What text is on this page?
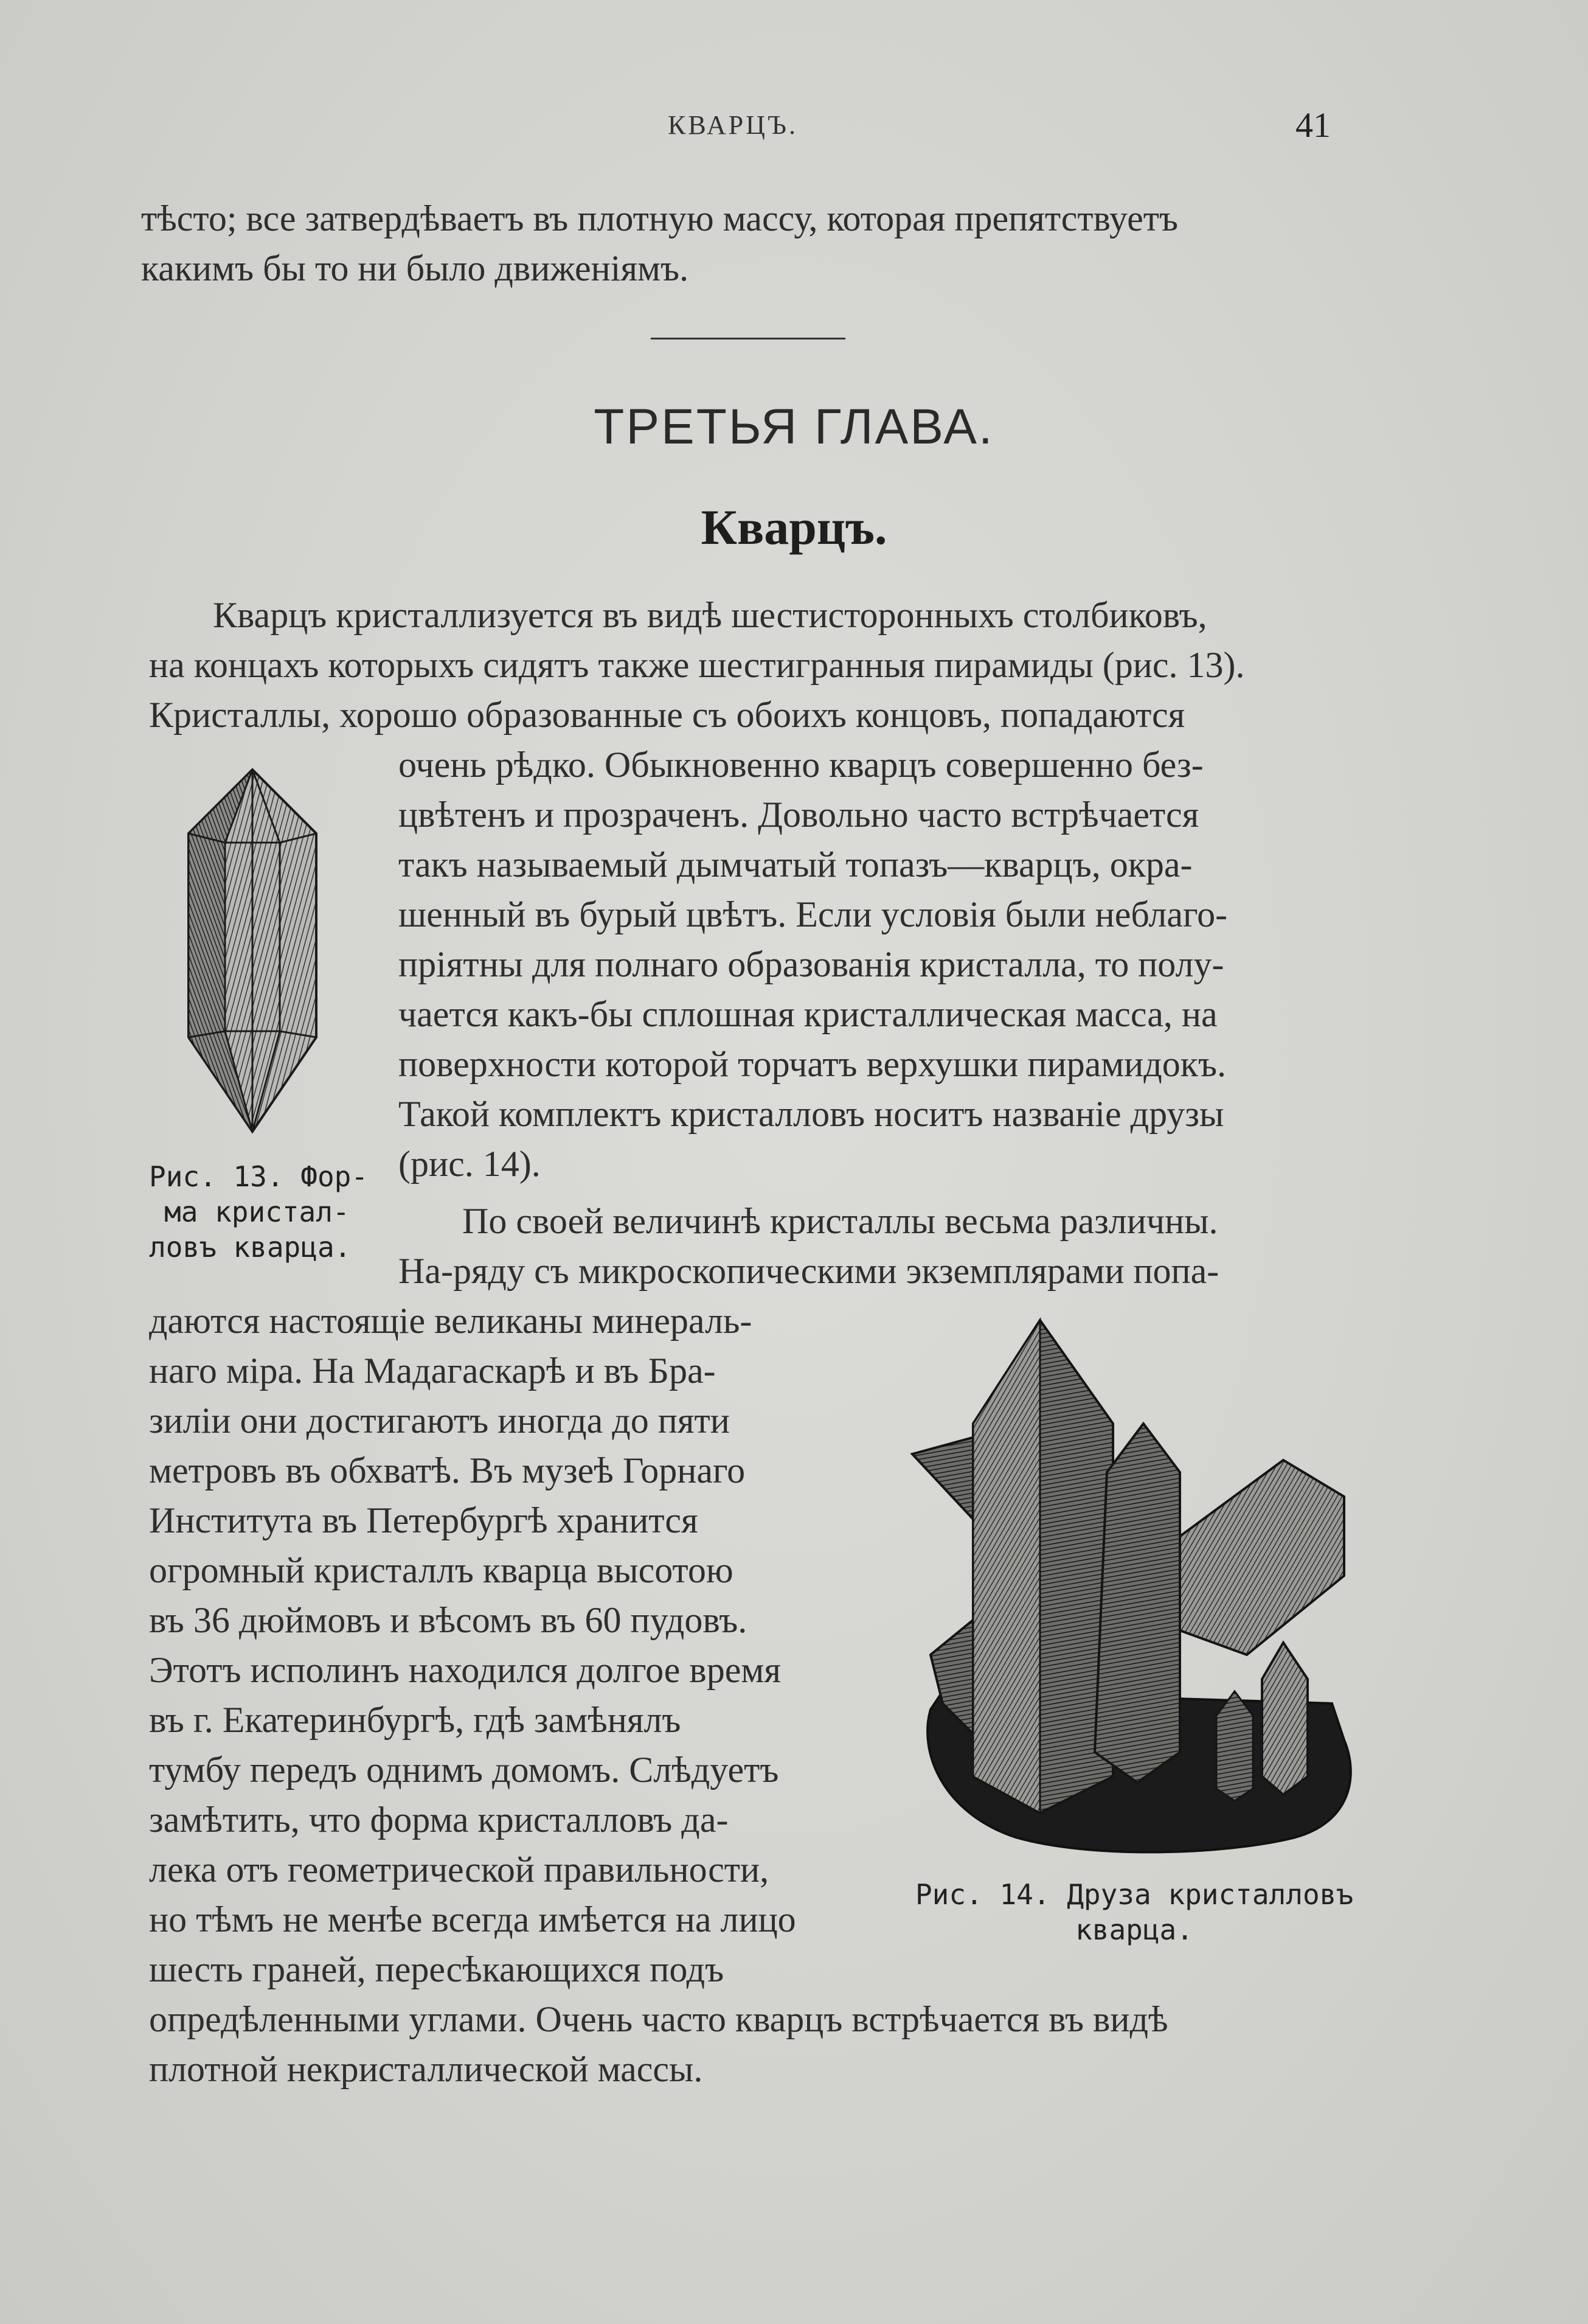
КВАРЦЪ.	41
тѣсто; все затвердѣваетъ въ плотную массу, которая препятствуетъ
какимъ бы то ни было движеніямъ.
ТРЕТЬЯ ГЛАВА.
Кварцъ.
Кварцъ кристаллизуется въ видѣ шестисторонныхъ столбиковъ,
на концахъ которыхъ сидятъ также шестигранныя пирамиды (рис. 13).
Кристаллы, хорошо образованные съ обоихъ концовъ, попадаются
очень рѣдко. Обыкновенно кварцъ совершенно без-
цвѣтенъ и прозраченъ. Довольно часто встрѣчается
такъ называемый дымчатый топазъ—кварцъ, окра-
шенный въ бурый цвѣтъ. Если условія были неблаго-
пріятны для полнаго образованія кристалла, то полу-
чается какъ-бы сплошная кристаллическая масса, на
поверхности которой торчатъ верхушки пирамидокъ.
Такой комплектъ кристалловъ носитъ названіе друзы
(рис. 14).
По своей величинѣ кристаллы весьма различны.
На-ряду съ микроскопическими экземплярами попа-
даются настоящіе великаны минераль-
наго міра. На Мадагаскарѣ и въ Бра-
зиліи они достигаютъ иногда до пяти
метровъ въ обхватѣ. Въ музеѣ Горнаго
Института въ Петербургѣ хранится
огромный кристаллъ кварца высотою
въ 36 дюймовъ и вѣсомъ въ 60 пудовъ.
Этотъ исполинъ находился долгое время
въ г. Екатеринбургѣ, гдѣ замѣнялъ
тумбу передъ однимъ домомъ. Слѣдуетъ
замѣтить, что форма кристалловъ да-
лека отъ геометрической правильности,
но тѣмъ не менѣе всегда имѣется на лицо
шесть граней, пересѣкающихся подъ
опредѣленными углами. Очень часто кварцъ встрѣчается въ видѣ
плотной некристаллической массы.
Рис. 13. Фор-
ма кристал-
ловъ кварца.
Рис. 14. Друза кристалловъ
кварца.
